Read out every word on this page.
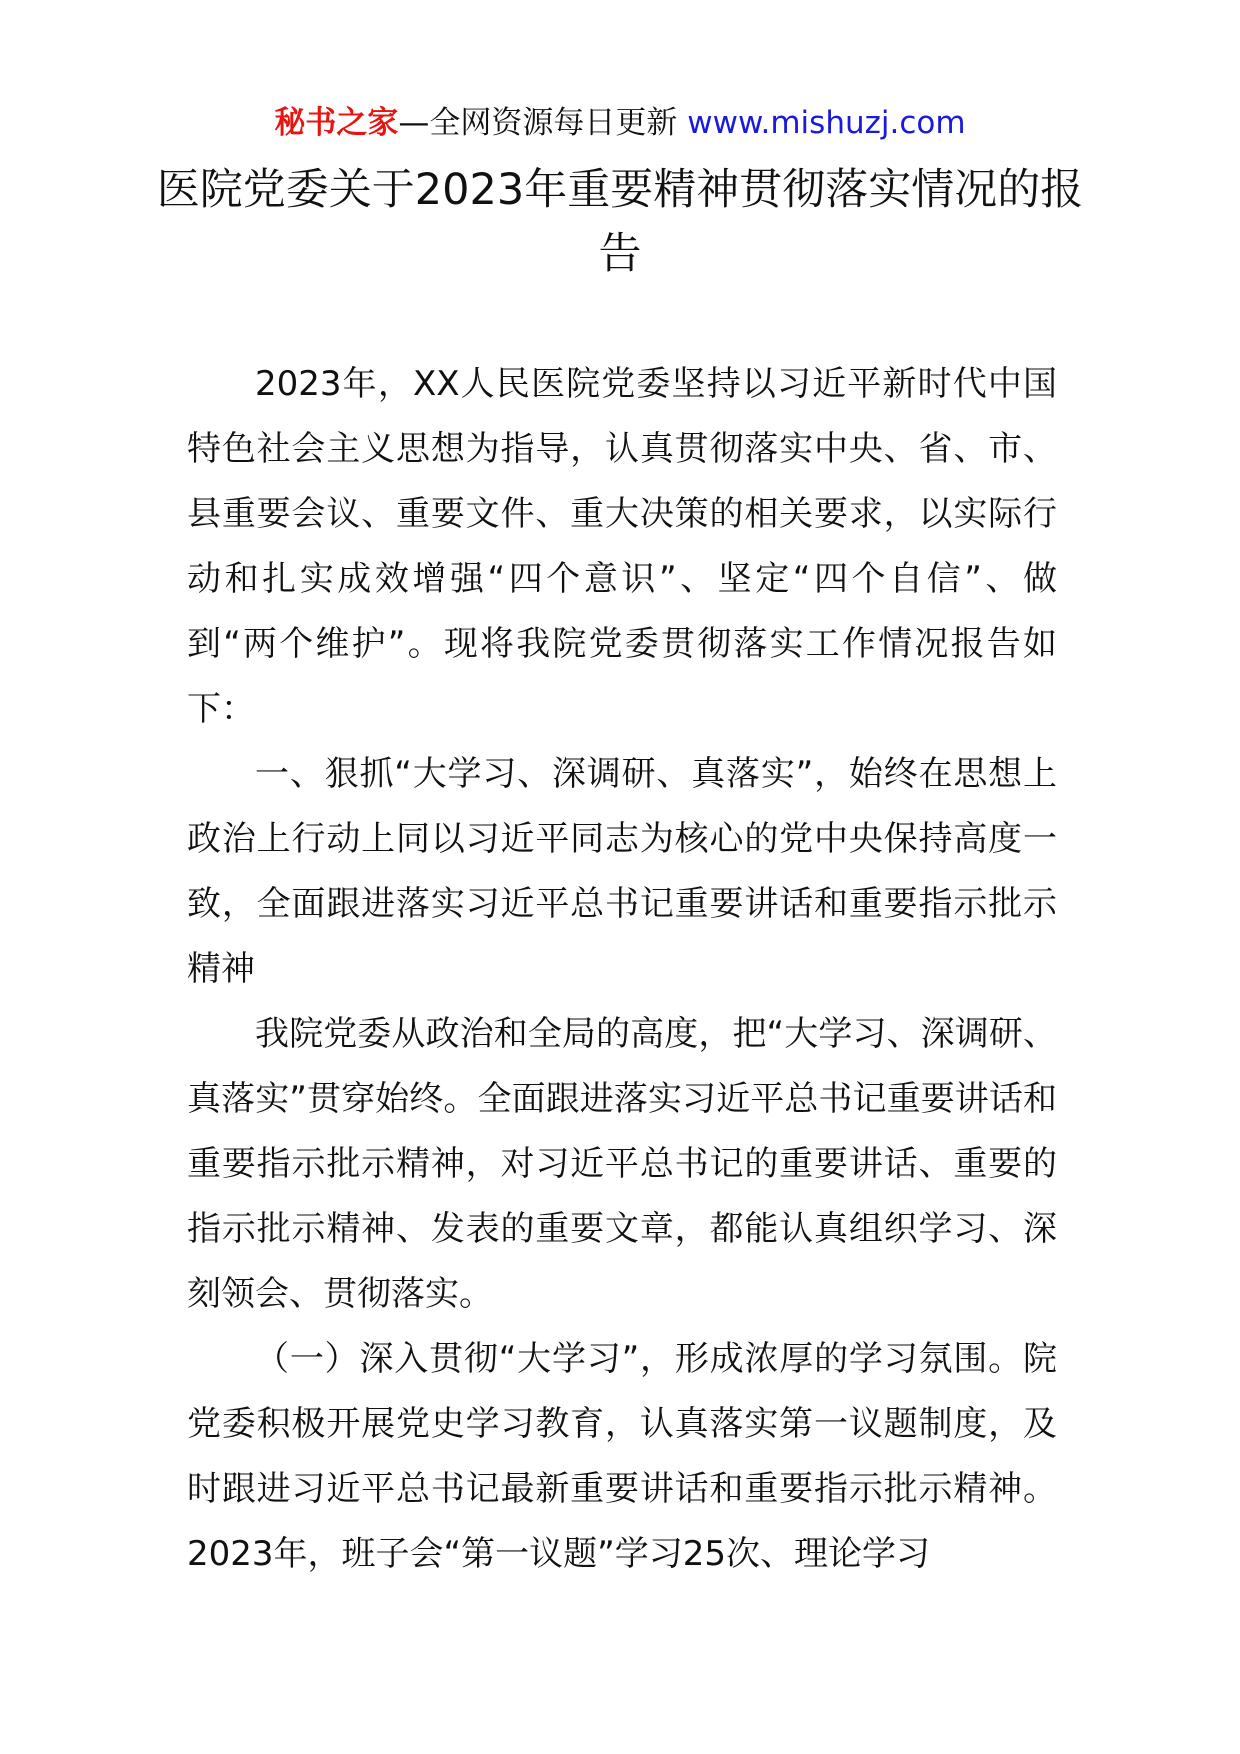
秘书之家—全网资源每日更新 www.mishuzj.com
医院党委关于2023年重要精神贯彻落实情况的报告

2023年，XX人民医院党委坚持以习近平新时代中国特色社会主义思想为指导，认真贯彻落实中央、省、市、县重要会议、重要文件、重大决策的相关要求，以实际行动和扎实成效增强“四个意识”、坚定“四个自信”、做到“两个维护”。现将我院党委贯彻落实工作情况报告如下：

一、狠抓“大学习、深调研、真落实”，始终在思想上政治上行动上同以习近平同志为核心的党中央保持高度一致，全面跟进落实习近平总书记重要讲话和重要指示批示精神

我院党委从政治和全局的高度，把“大学习、深调研、真落实”贯穿始终。全面跟进落实习近平总书记重要讲话和重要指示批示精神，对习近平总书记的重要讲话、重要的指示批示精神、发表的重要文章，都能认真组织学习、深刻领会、贯彻落实。

（一）深入贯彻“大学习”，形成浓厚的学习氛围。院党委积极开展党史学习教育，认真落实第一议题制度，及时跟进习近平总书记最新重要讲话和重要指示批示精神。2023年，班子会“第一议题”学习25次、理论学习
